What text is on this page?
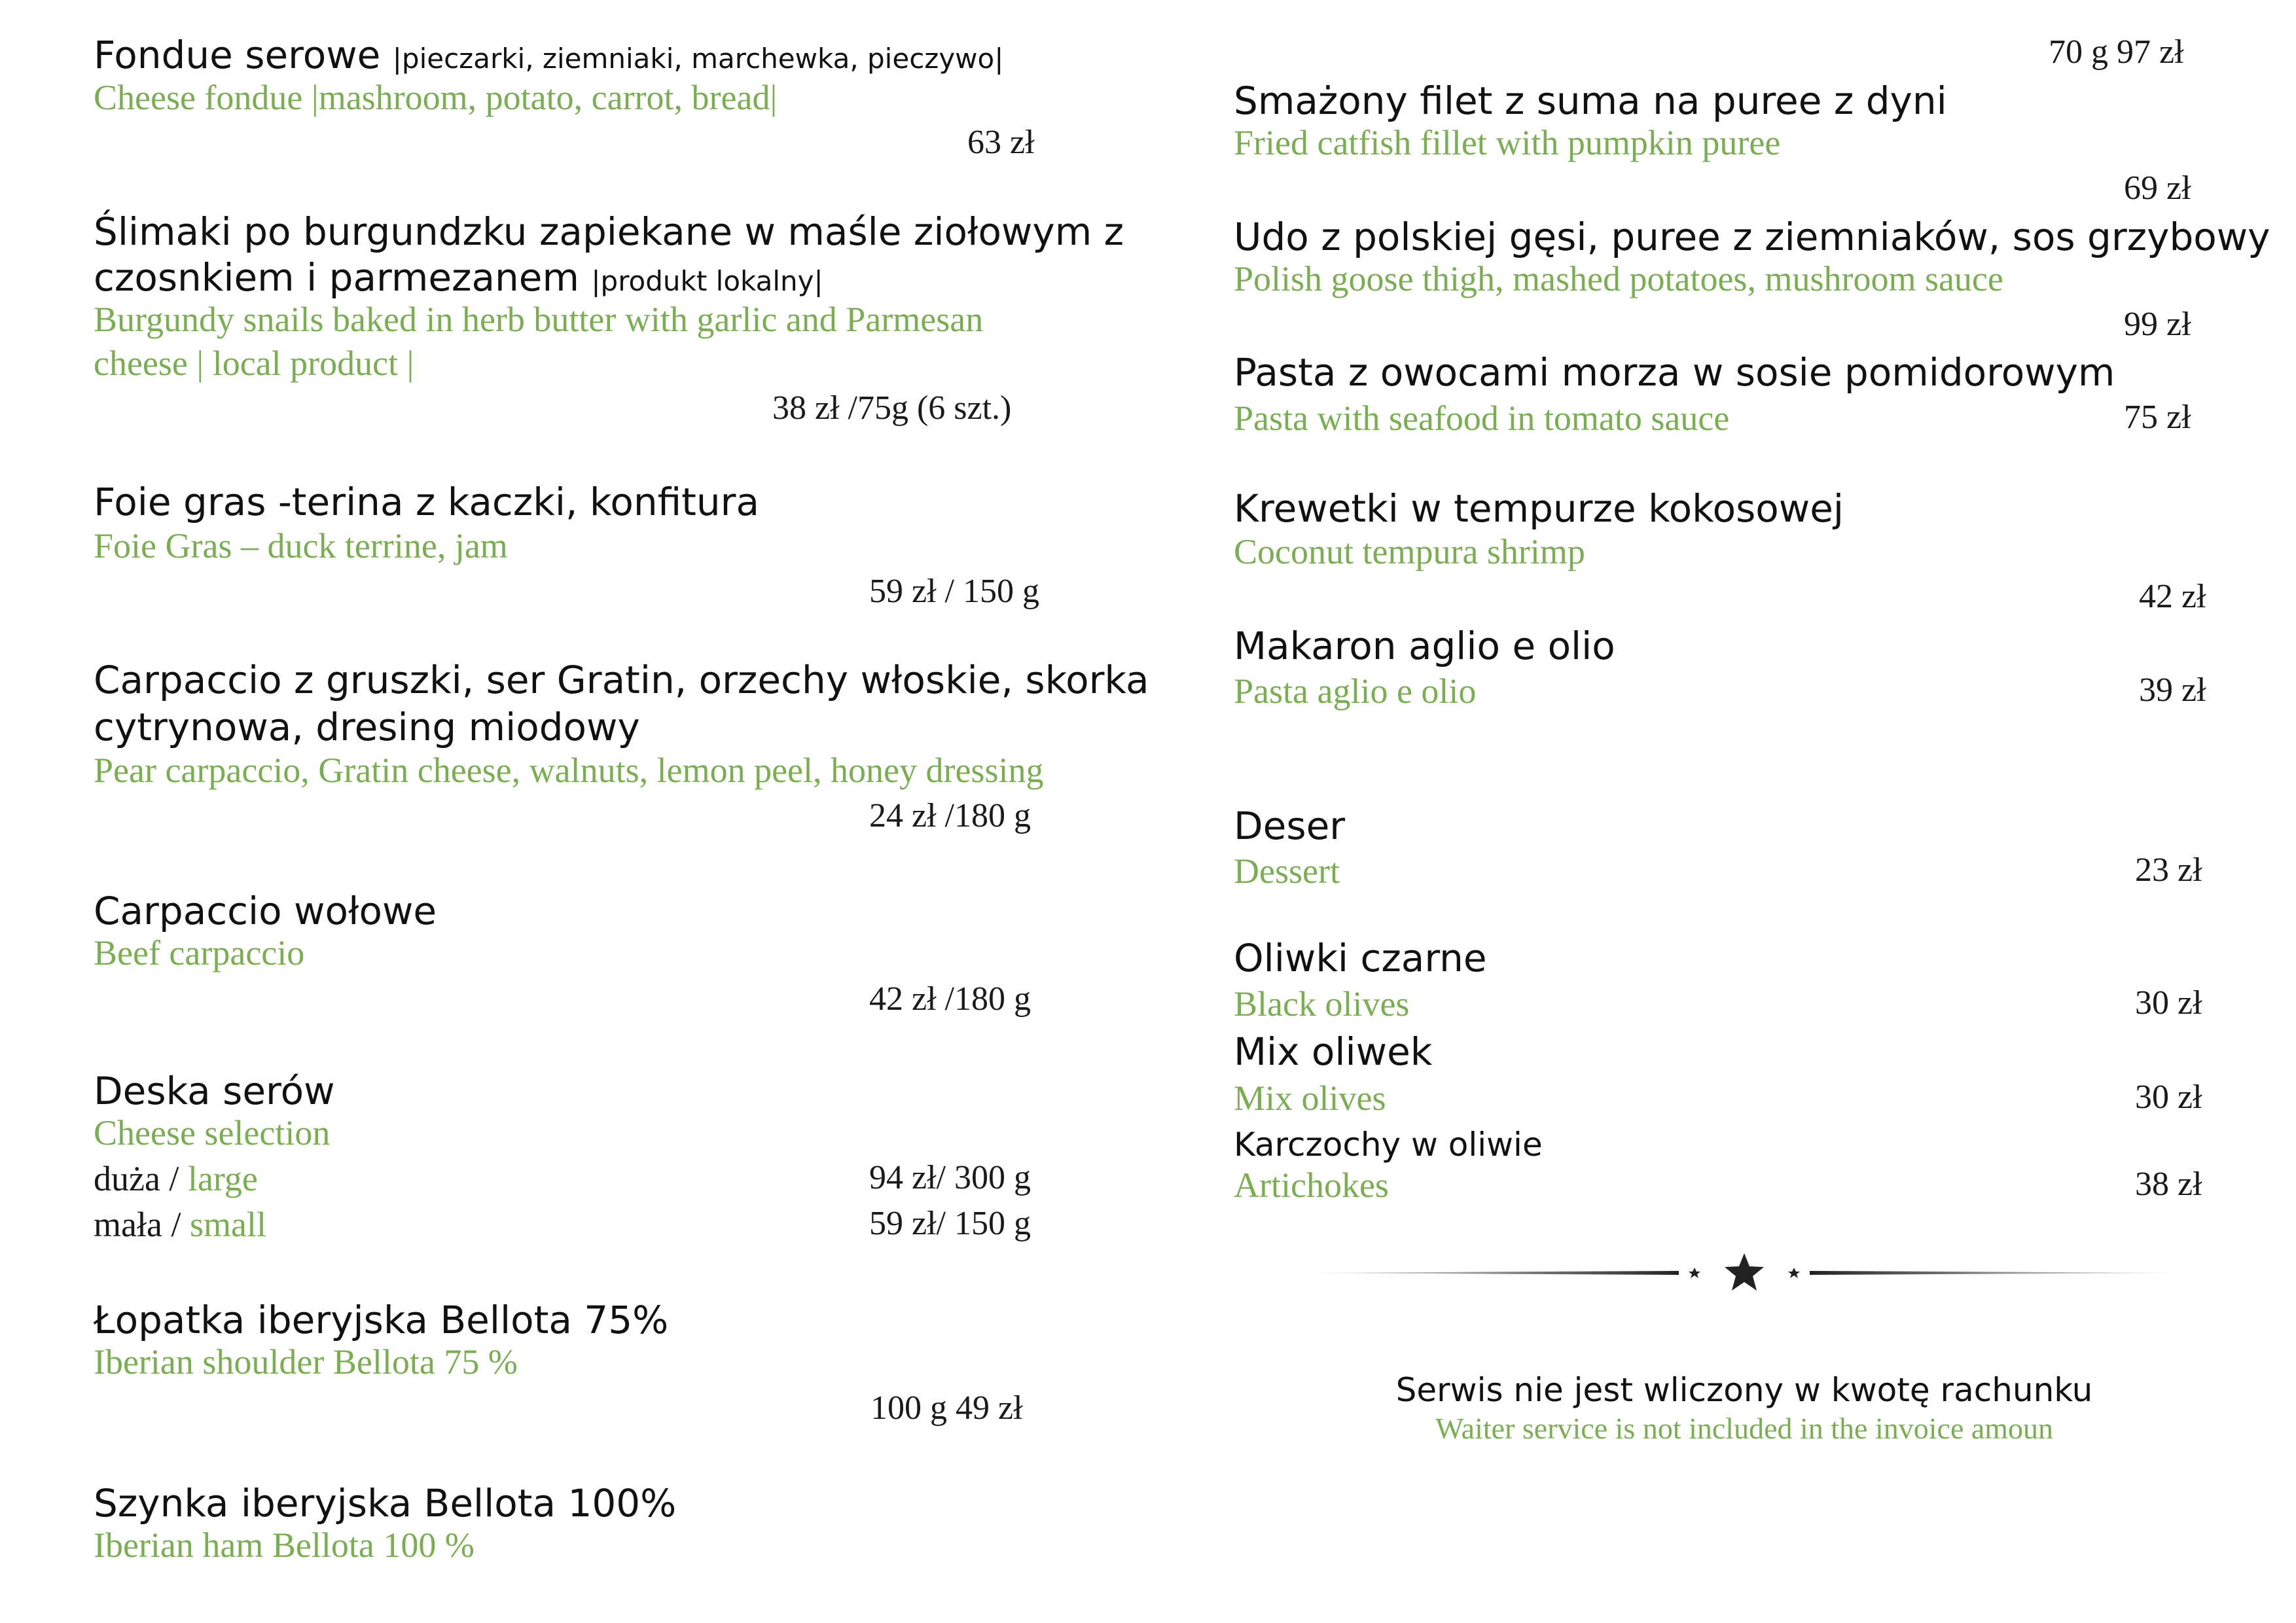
Fondue serowe |pieczarki, ziemniaki, marchewka, pieczywo|
Cheese fondue |mashroom, potato, carrot, bread|
63 zł
Ślimaki po burgundzku zapiekane w maśle ziołowym z
czosnkiem i parmezanem |produkt lokalny|
Burgundy snails baked in herb butter with garlic and Parmesan
cheese | local product |
38 zł /75g (6 szt.)
Foie gras -terina z kaczki, konfitura
Foie Gras – duck terrine, jam
59 zł / 150 g
Carpaccio z gruszki, ser Gratin, orzechy włoskie, skorka
cytrynowa, dresing miodowy
Pear carpaccio, Gratin cheese, walnuts, lemon peel, honey dressing
24 zł /180 g
Carpaccio wołowe
Beef carpaccio
42 zł /180 g
Deska serów
Cheese selection
duża / large	94 zł/ 300 g
mała / small	59 zł/ 150 g
Łopatka iberyjska Bellota 75%
Iberian shoulder Bellota 75 %
100 g 49 zł
Szynka iberyjska Bellota 100%
Iberian ham Bellota 100 %
70 g 97 zł
Smażony filet z suma na puree z dyni
Fried catfish fillet with pumpkin puree
69 zł
Udo z polskiej gęsi, puree z ziemniaków, sos grzybowy
Polish goose thigh, mashed potatoes, mushroom sauce
99 zł
Pasta z owocami morza w sosie pomidorowym
Pasta with seafood in tomato sauce	75 zł
Krewetki w tempurze kokosowej
Coconut tempura shrimp
42 zł
Makaron aglio e olio
Pasta aglio e olio	39 zł
Deser
Dessert	23 zł
Oliwki czarne
Black olives	30 zł
Mix oliwek
Mix olives	30 zł
Karczochy w oliwie
Artichokes	38 zł
Serwis nie jest wliczony w kwotę rachunku
Waiter service is not included in the invoice amoun
